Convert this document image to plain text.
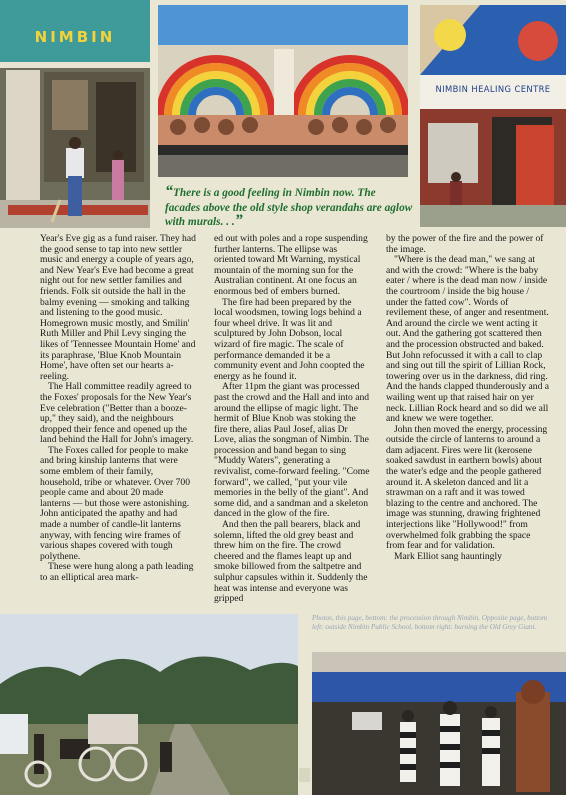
NIMBIN
NIMBIN HEALING CENTRE

“There is a good feeling in Nimbin now. The facades above the old style shop verandahs are aglow with murals. . .”

Year's Eve gig as a fund raiser. They had the good sense to tap into new settler music and energy a couple of years ago, and New Year's Eve had become a great night out for new settler families and friends. Folk sit outside the hall in the balmy evening — smoking and talking and listening to the good music. Homegrown music mostly, and Smilin' Ruth Miller and Phil Levy singing the likes of 'Tennessee Mountain Home' and its paraphrase, 'Blue Knob Mountain Home', have often set our hearts a-reeling.

The Hall committee readily agreed to the Foxes' proposals for the New Year's Eve celebration ("Better than a booze-up," they said), and the neighbours dropped their fence and opened up the land behind the Hall for John's imagery.

The Foxes called for people to make and bring kinship lanterns that were some emblem of their family, household, tribe or whatever. Over 700 people came and about 20 made lanterns — but those were astonishing. John anticipated the apathy and had made a number of candle-lit lanterns anyway, with fencing wire frames of various shapes covered with tough polythene.

These were hung along a path leading to an elliptical area mark-

ed out with poles and a rope suspending further lanterns. The ellipse was oriented toward Mt Warning, mystical mountain of the morning sun for the Australian continent. At one focus an enormous bed of embers burned.

The fire had been prepared by the local woodsmen, towing logs behind a four wheel drive. It was lit and sculptured by John Dobson, local wizard of fire magic. The scale of performance demanded it be a community event and John coopted the energy as he found it.

After 11pm the giant was processed past the crowd and the Hall and into and around the ellipse of magic light. The hermit of Blue Knob was stoking the fire there, alias Paul Josef, alias Dr Love, alias the songman of Nimbin. The procession and band began to sing "Muddy Waters", generating a revivalist, come-forward feeling. "Come forward", we called, "put your vile memories in the belly of the giant". And some did, and a sandman and a skeleton danced in the glow of the fire.

And then the pall bearers, black and solemn, lifted the old grey beast and threw him on the fire. The crowd cheered and the flames leapt up and smoke billowed from the saltpetre and sulphur capsules within it. Suddenly the heat was intense and everyone was gripped

by the power of the fire and the power of the image.

"Where is the dead man," we sang at and with the crowd: "Where is the baby eater / where is the dead man now / inside the courtroom / inside the big house / under the fatted cow". Words of revilement these, of anger and resentment. And around the circle we went acting it out. And the gathering got scattered then and the procession obstructed and baked. But John refocussed it with a call to clap and sing out till the spirit of Lillian Rock, towering over us in the darkness, did ring. And the hands clapped thunderously and a wailing went up that raised hair on yer neck. Lillian Rock heard and so did we all and knew we were together.

John then moved the energy, processing outside the circle of lanterns to around a dam adjacent. Fires were lit (kerosene soaked sawdust in earthern bowls) about the water's edge and the people gathered around it. A skeleton danced and lit a strawman on a raft and it was towed blazing to the centre and anchored. The image was stunning, drawing frightened interjections like "Hollywood!" from overwhelmed folk grabbing the space from fear and for validation.

Mark Elliot sang hauntingly

Photos, this page, bottom: the procession through Nimbin. Opposite page, bottom left: outside Nimbin Public School, bottom right: burning the Old Grey Giant.
